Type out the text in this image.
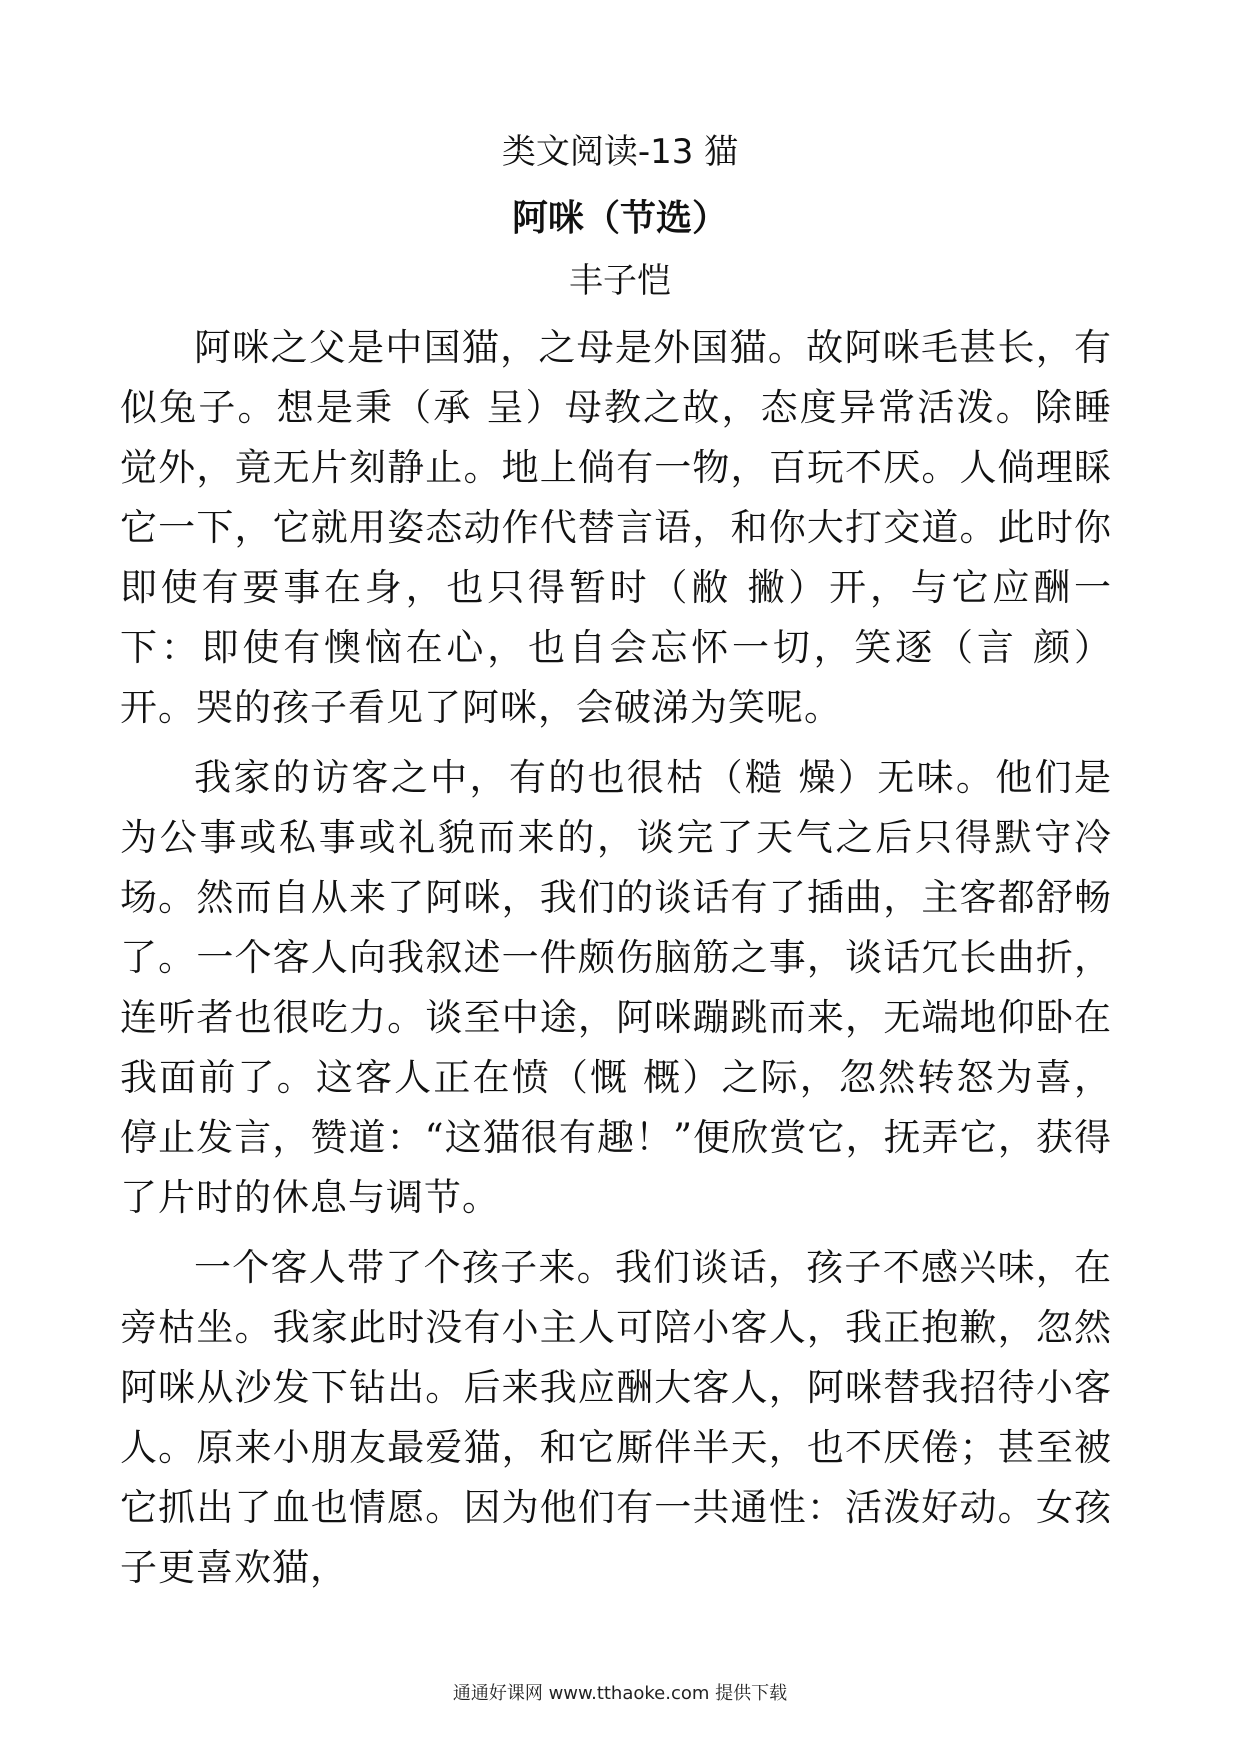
类文阅读-13 猫
阿咪（节选）
丰子恺

阿咪之父是中国猫，之母是外国猫。故阿咪毛甚长，有似兔子。想是秉（承 呈）母教之故，态度异常活泼。除睡觉外，竟无片刻静止。地上倘有一物，百玩不厌。人倘理睬它一下，它就用姿态动作代替言语，和你大打交道。此时你即使有要事在身，也只得暂时（敝 撇）开，与它应酬一下：即使有懊恼在心，也自会忘怀一切，笑逐（言 颜）开。哭的孩子看见了阿咪，会破涕为笑呢。

我家的访客之中，有的也很枯（糙 燥）无味。他们是为公事或私事或礼貌而来的，谈完了天气之后只得默守冷场。然而自从来了阿咪，我们的谈话有了插曲，主客都舒畅了。一个客人向我叙述一件颇伤脑筋之事，谈话冗长曲折，连听者也很吃力。谈至中途，阿咪蹦跳而来，无端地仰卧在我面前了。这客人正在愤（慨 概）之际，忽然转怒为喜，停止发言，赞道：“这猫很有趣！”便欣赏它，抚弄它，获得了片时的休息与调节。

一个客人带了个孩子来。我们谈话，孩子不感兴味，在旁枯坐。我家此时没有小主人可陪小客人，我正抱歉，忽然阿咪从沙发下钻出。后来我应酬大客人，阿咪替我招待小客人。原来小朋友最爱猫，和它厮伴半天，也不厌倦；甚至被它抓出了血也情愿。因为他们有一共通性：活泼好动。女孩子更喜欢猫，

通通好课网 www.tthaoke.com 提供下载
